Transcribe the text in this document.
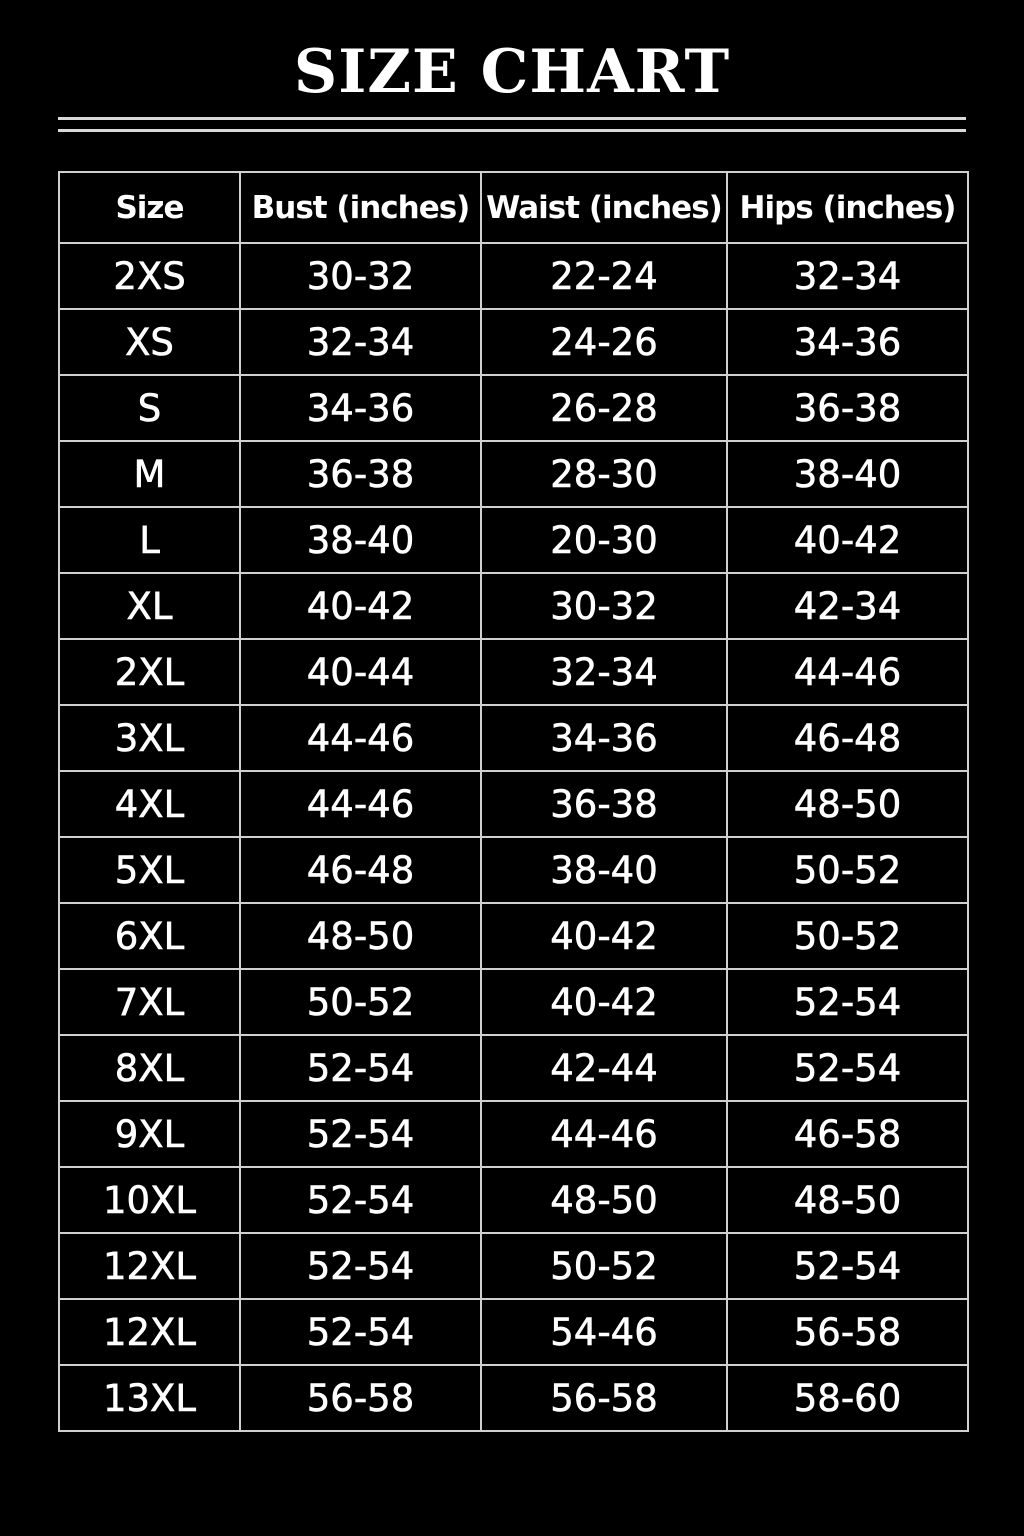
SIZE CHART
Size	Bust (inches)	Waist (inches)	Hips (inches)
2XS	30-32	22-24	32-34
XS	32-34	24-26	34-36
S	34-36	26-28	36-38
M	36-38	28-30	38-40
L	38-40	20-30	40-42
XL	40-42	30-32	42-34
2XL	40-44	32-34	44-46
3XL	44-46	34-36	46-48
4XL	44-46	36-38	48-50
5XL	46-48	38-40	50-52
6XL	48-50	40-42	50-52
7XL	50-52	40-42	52-54
8XL	52-54	42-44	52-54
9XL	52-54	44-46	46-58
10XL	52-54	48-50	48-50
12XL	52-54	50-52	52-54
12XL	52-54	54-46	56-58
13XL	56-58	56-58	58-60
